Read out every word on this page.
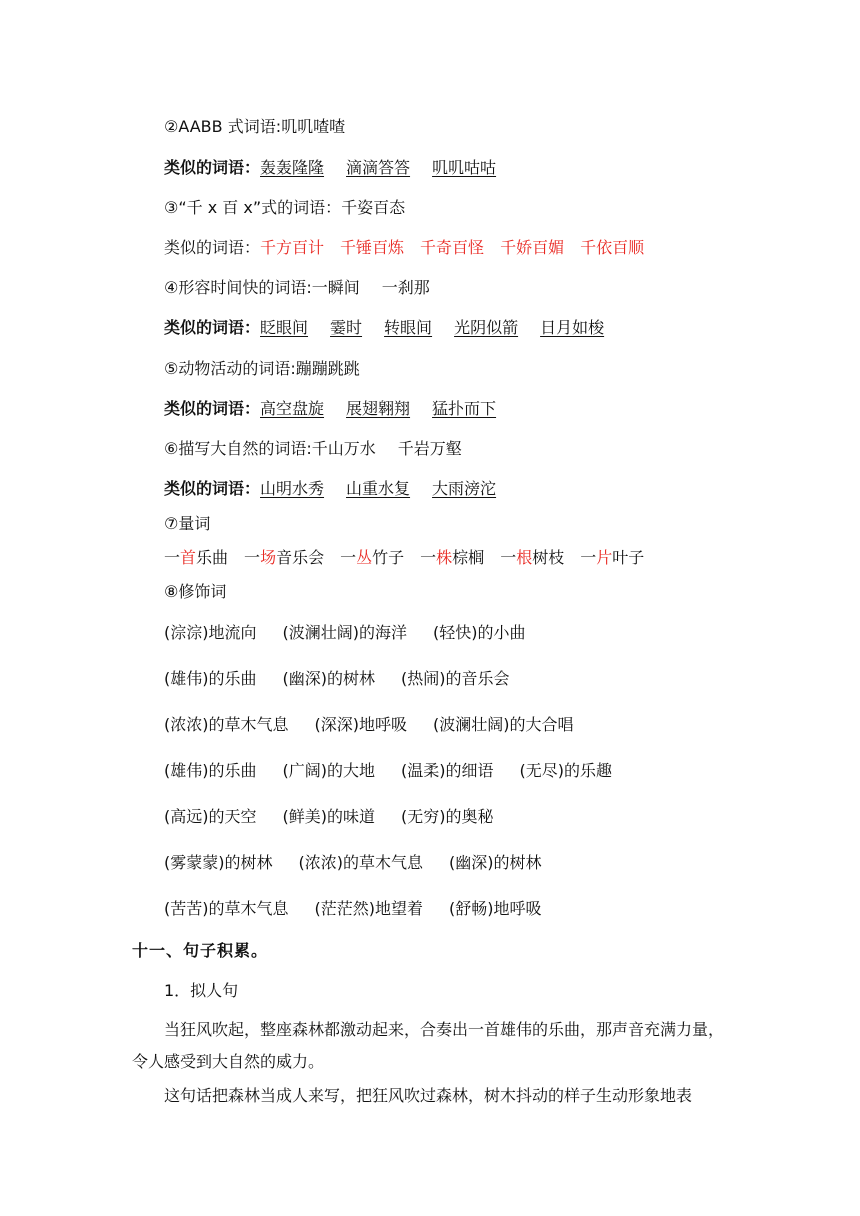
②AABB 式词语:叽叽喳喳
类似的词语：轰轰隆隆 滴滴答答 叽叽咕咕
③“千 x 百 x”式的词语：千姿百态
类似的词语：千方百计 千锤百炼 千奇百怪 千娇百媚 千依百顺
④形容时间快的词语:一瞬间 一刹那
类似的词语：眨眼间 霎时 转眼间 光阴似箭 日月如梭
⑤动物活动的词语:蹦蹦跳跳
类似的词语：高空盘旋 展翅翱翔 猛扑而下
⑥描写大自然的词语:千山万水 千岩万壑
类似的词语：山明水秀 山重水复 大雨滂沱
⑦量词
一首乐曲 一场音乐会 一丛竹子 一株棕榈 一根树枝 一片叶子
⑧修饰词
(淙淙)地流向 (波澜壮阔)的海洋 (轻快)的小曲
(雄伟)的乐曲 (幽深)的树林 (热闹)的音乐会
(浓浓)的草木气息 (深深)地呼吸 (波澜壮阔)的大合唱
(雄伟)的乐曲 (广阔)的大地 (温柔)的细语 (无尽)的乐趣
(高远)的天空 (鲜美)的味道 (无穷)的奥秘
(雾蒙蒙)的树林 (浓浓)的草木气息 (幽深)的树林
(苦苦)的草木气息 (茫茫然)地望着 (舒畅)地呼吸
十一、句子积累。
1．拟人句
当狂风吹起，整座森林都激动起来，合奏出一首雄伟的乐曲，那声音充满力量，令人感受到大自然的威力。
这句话把森林当成人来写，把狂风吹过森林，树木抖动的样子生动形象地表
